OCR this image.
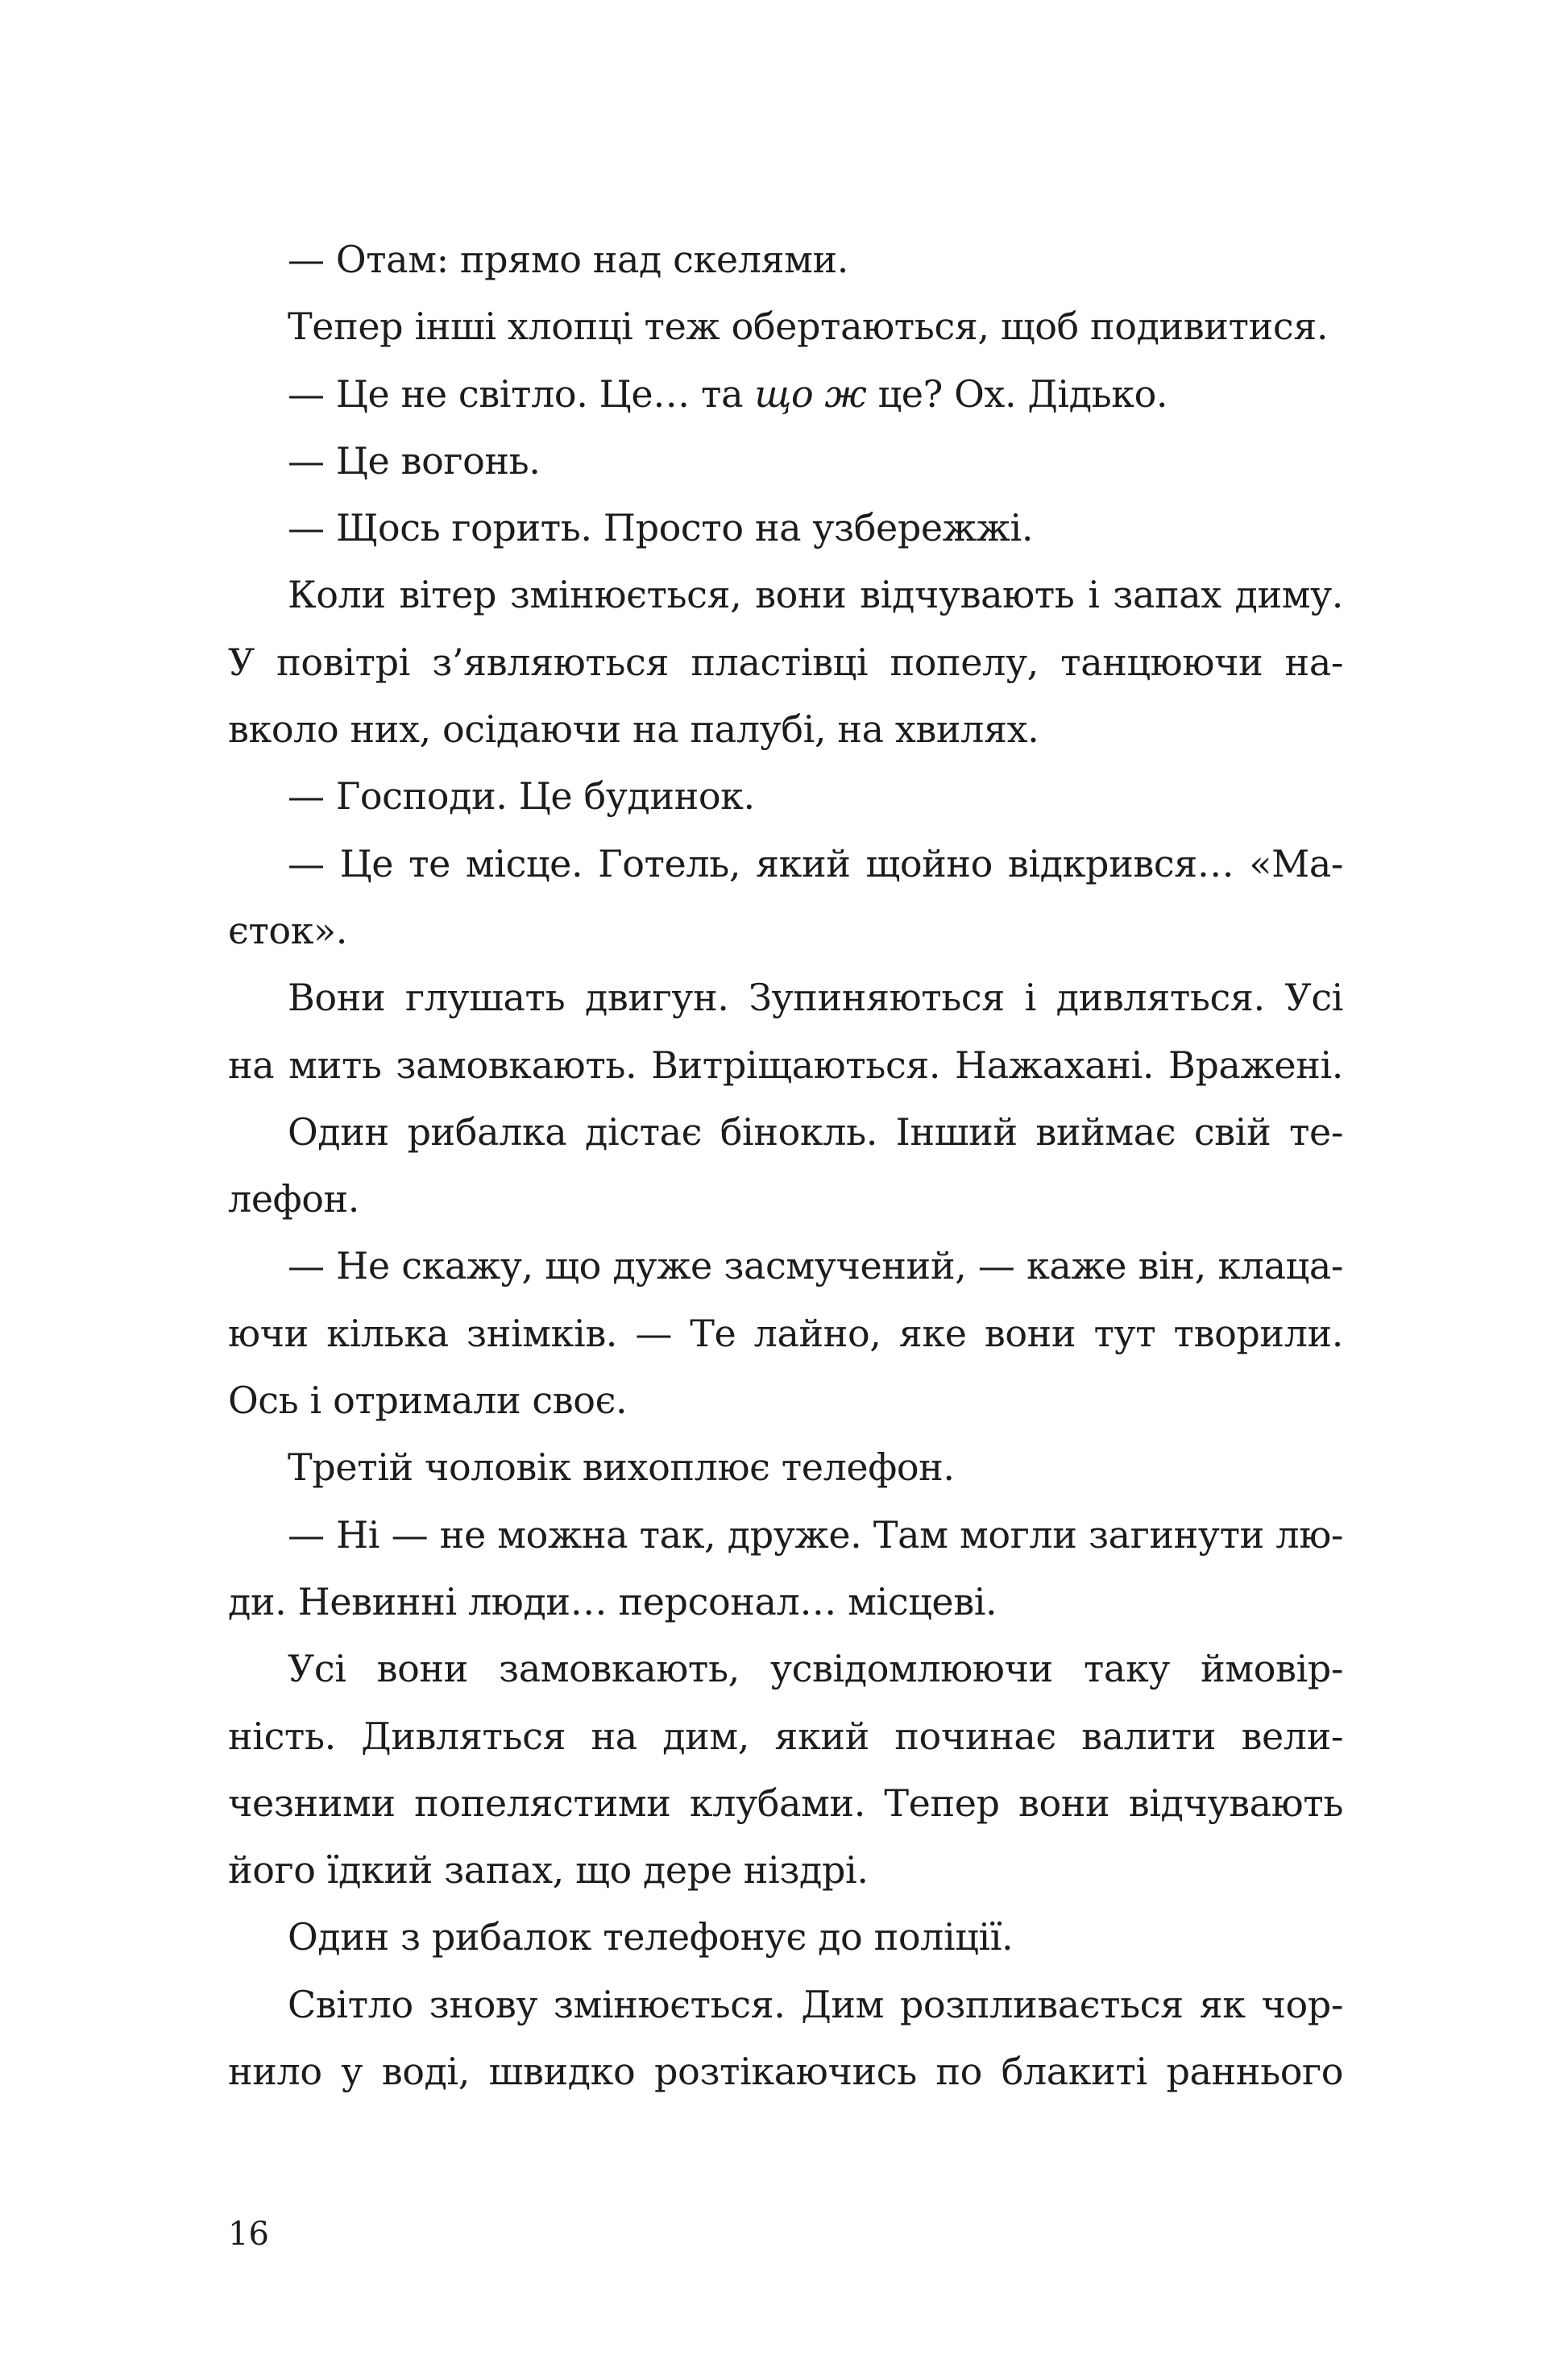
— Отам: прямо над скелями.
Тепер інші хлопці теж обертаються, щоб подивитися.
— Це не світло. Це… та що ж це? Ох. Дідько.
— Це вогонь.
— Щось горить. Просто на узбережжі.
Коли вітер змінюється, вони відчувають і запах диму.
У повітрі з’являються пластівці попелу, танцюючи на-
вколо них, осідаючи на палубі, на хвилях.
— Господи. Це будинок.
— Це те місце. Готель, який щойно відкрився… «Ма-
єток».
Вони глушать двигун. Зупиняються і дивляться. Усі
на мить замовкають. Витріщаються. Нажахані. Вражені.
Один рибалка дістає бінокль. Інший виймає свій те-
лефон.
— Не скажу, що дуже засмучений, — каже він, клаца-
ючи кілька знімків. — Те лайно, яке вони тут творили.
Ось і отримали своє.
Третій чоловік вихоплює телефон.
— Ні — не можна так, друже. Там могли загинути лю-
ди. Невинні люди… персонал… місцеві.
Усі вони замовкають, усвідомлюючи таку ймовір-
ність. Дивляться на дим, який починає валити вели-
чезними попелястими клубами. Тепер вони відчувають
його їдкий запах, що дере ніздрі.
Один з рибалок телефонує до поліції.
Світло знову змінюється. Дим розпливається як чор-
нило у воді, швидко розтікаючись по блакиті раннього
16
